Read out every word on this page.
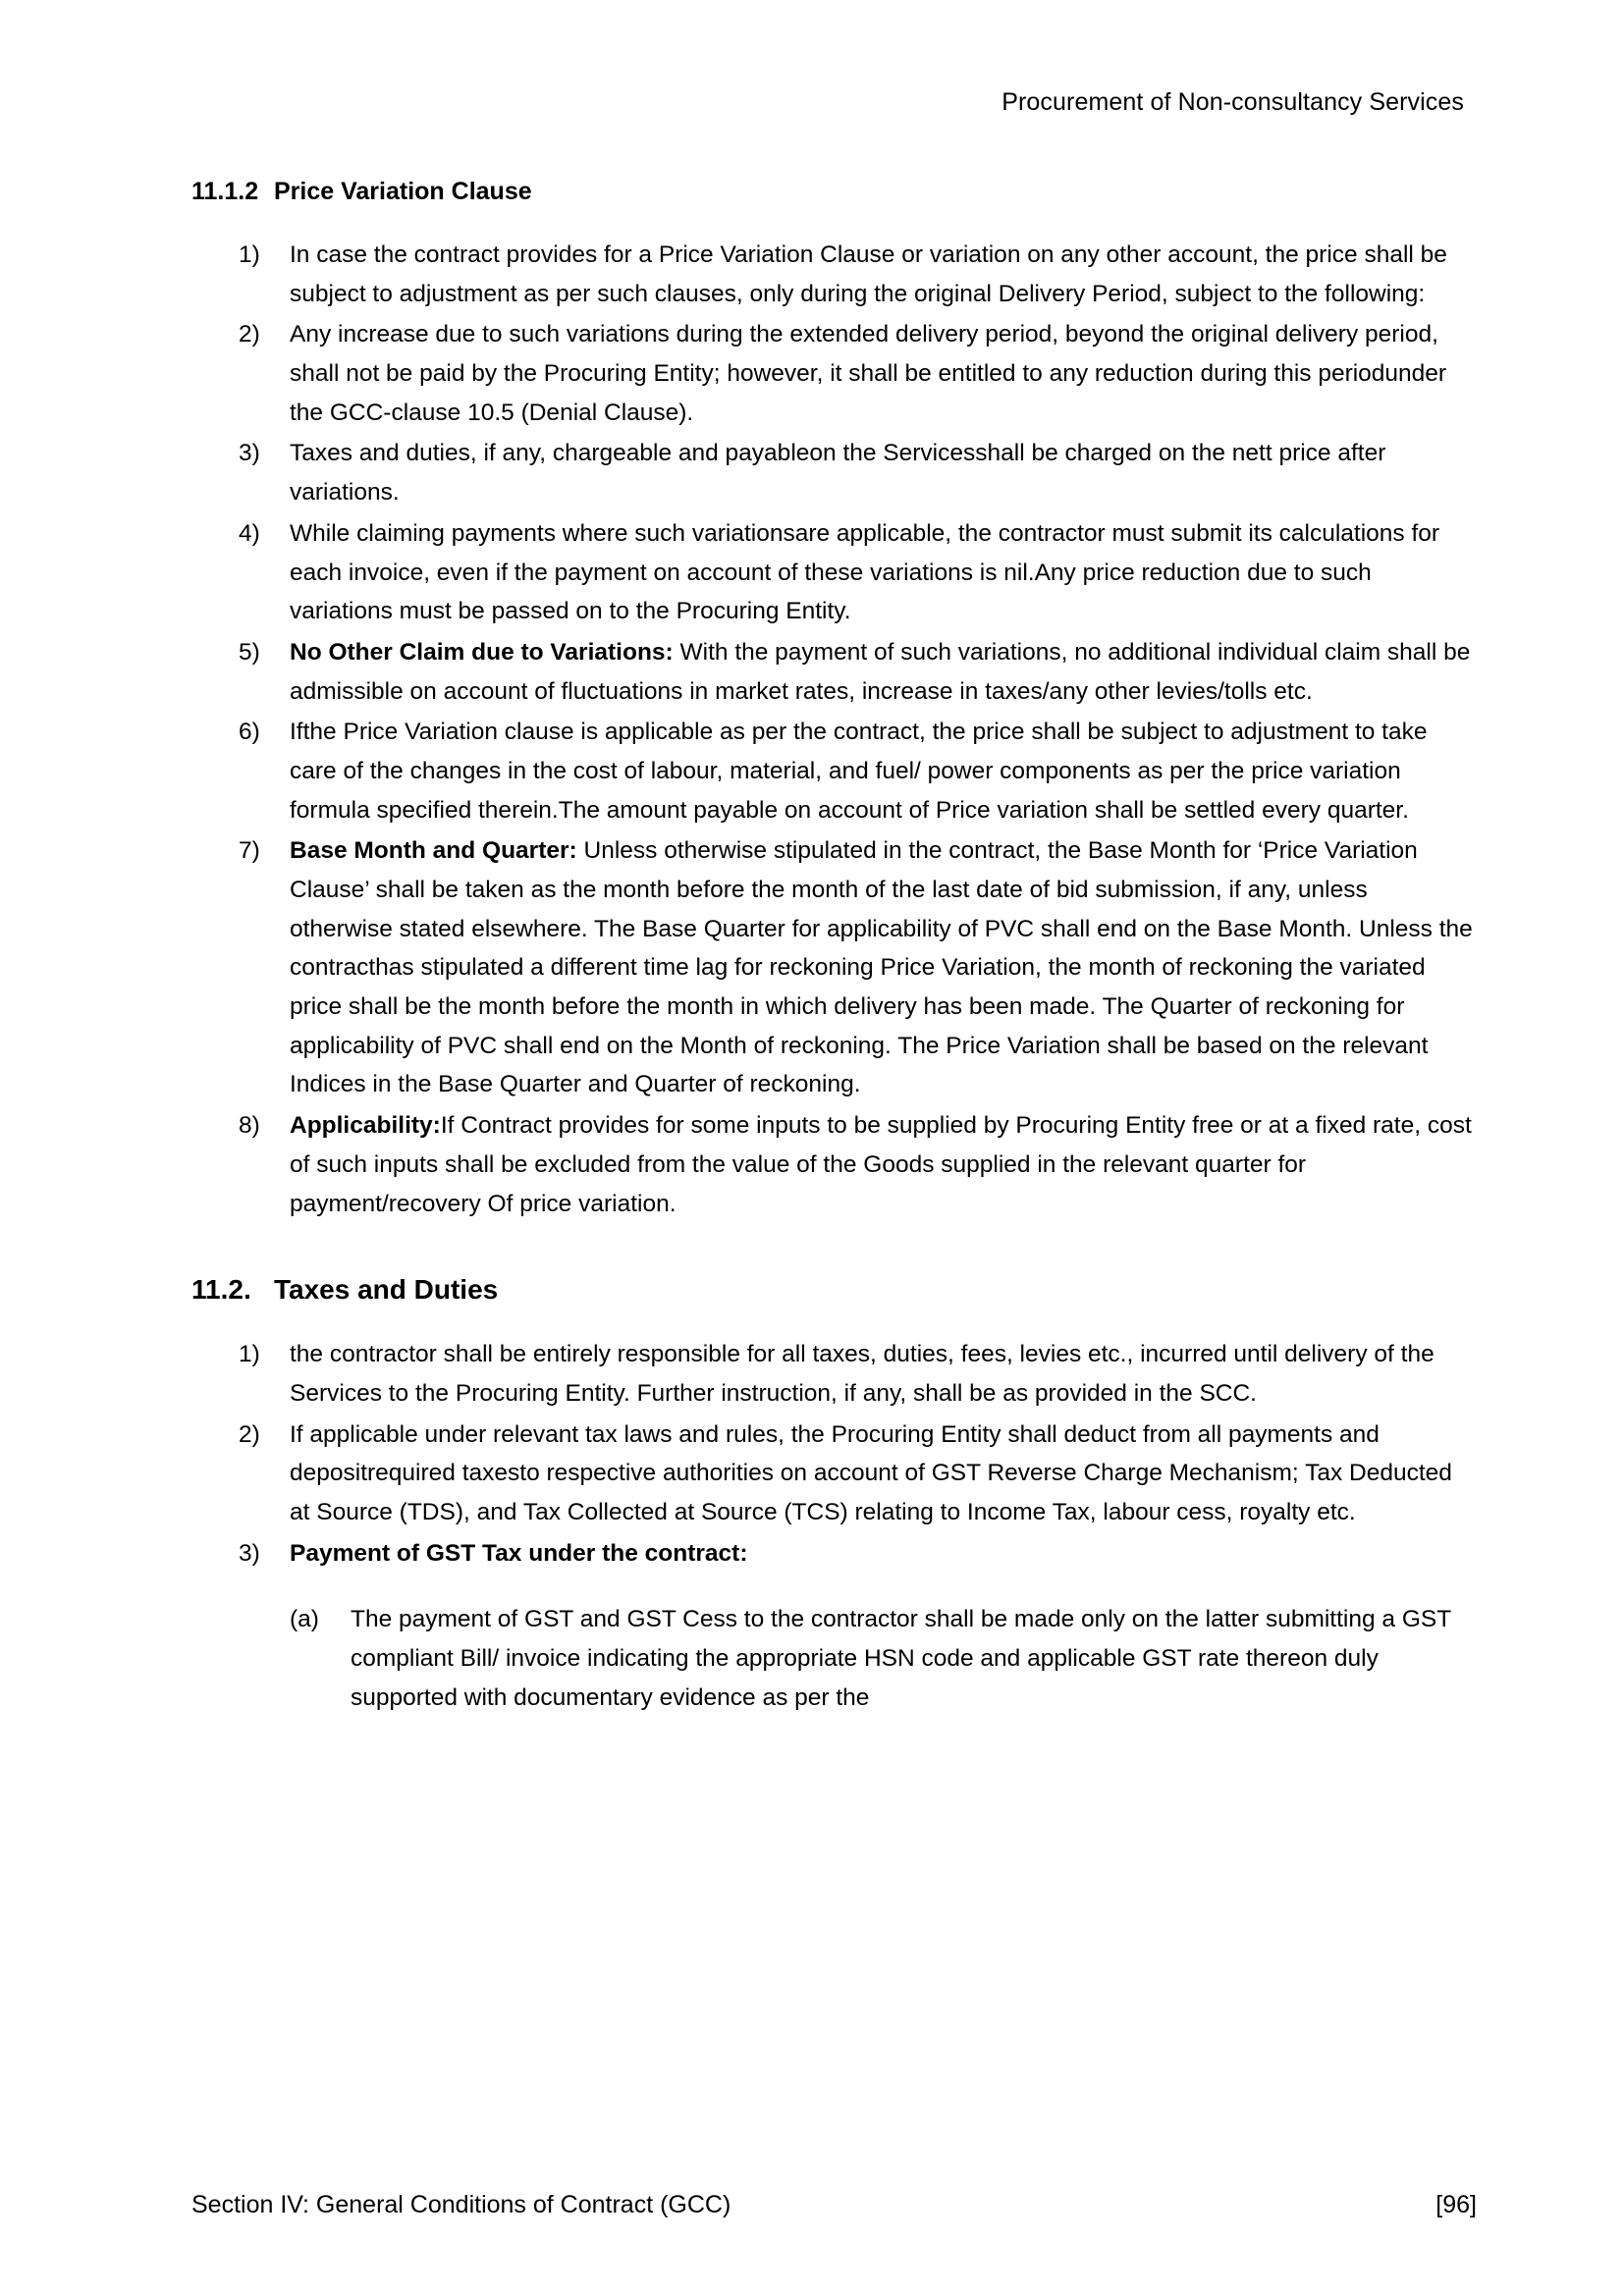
Procurement of Non-consultancy Services
11.1.2 Price Variation Clause
1)	In case the contract provides for a Price Variation Clause or variation on any other account, the price shall be subject to adjustment as per such clauses, only during the original Delivery Period, subject to the following:
2)	Any increase due to such variations during the extended delivery period, beyond the original delivery period, shall not be paid by the Procuring Entity; however, it shall be entitled to any reduction during this periodunder the GCC-clause 10.5 (Denial Clause).
3)	Taxes and duties, if any, chargeable and payableon the Servicesshall be charged on the nett price after variations.
4)	While claiming payments where such variationsare applicable, the contractor must submit its calculations for each invoice, even if the payment on account of these variations is nil.Any price reduction due to such variations must be passed on to the Procuring Entity.
5)	No Other Claim due to Variations: With the payment of such variations, no additional individual claim shall be admissible on account of fluctuations in market rates, increase in taxes/any other levies/tolls etc.
6)	Ifthe Price Variation clause is applicable as per the contract, the price shall be subject to adjustment to take care of the changes in the cost of labour, material, and fuel/ power components as per the price variation formula specified therein.The amount payable on account of Price variation shall be settled every quarter.
7)	Base Month and Quarter: Unless otherwise stipulated in the contract, the Base Month for ‘Price Variation Clause’ shall be taken as the month before the month of the last date of bid submission, if any, unless otherwise stated elsewhere. The Base Quarter for applicability of PVC shall end on the Base Month. Unless the contracthas stipulated a different time lag for reckoning Price Variation, the month of reckoning the variated price shall be the month before the month in which delivery has been made. The Quarter of reckoning for applicability of PVC shall end on the Month of reckoning. The Price Variation shall be based on the relevant Indices in the Base Quarter and Quarter of reckoning.
8)	Applicability:If Contract provides for some inputs to be supplied by Procuring Entity free or at a fixed rate, cost of such inputs shall be excluded from the value of the Goods supplied in the relevant quarter for payment/recovery Of price variation.
11.2. Taxes and Duties
1)	the contractor shall be entirely responsible for all taxes, duties, fees, levies etc., incurred until delivery of the Services to the Procuring Entity. Further instruction, if any, shall be as provided in the SCC.
2)	If applicable under relevant tax laws and rules, the Procuring Entity shall deduct from all payments and depositrequired taxesto respective authorities on account of GST Reverse Charge Mechanism; Tax Deducted at Source (TDS), and Tax Collected at Source (TCS) relating to Income Tax, labour cess, royalty etc.
3)	Payment of GST Tax under the contract:
(a)	The payment of GST and GST Cess to the contractor shall be made only on the latter submitting a GST compliant Bill/ invoice indicating the appropriate HSN code and applicable GST rate thereon duly supported with documentary evidence as per the
Section IV: General Conditions of Contract (GCC)	[96]
